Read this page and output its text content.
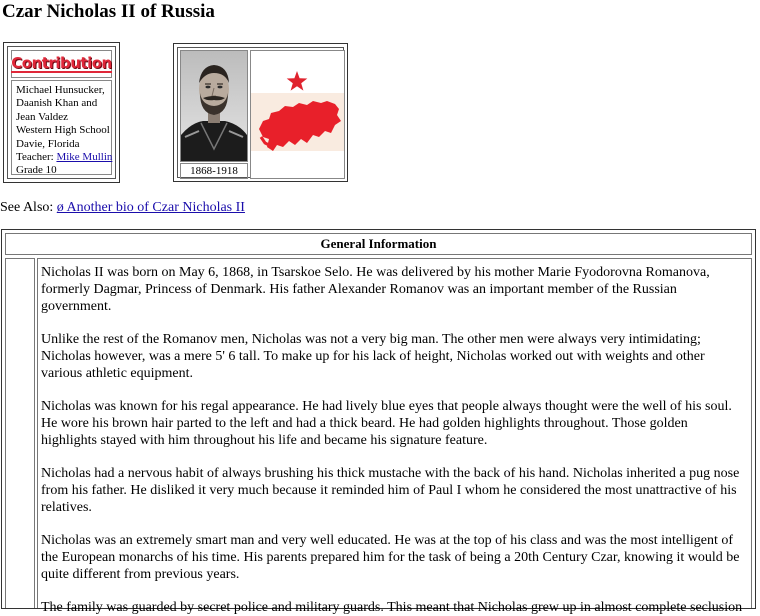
Czar Nicholas II of Russia
Contribution
Michael Hunsucker,
Daanish Khan and
Jean Valdez
Western High School
Davie, Florida
Teacher: Mike Mullin
Grade 10	1868-1918
See Also: ø Another bio of Czar Nicholas II
General Information

Nicholas II was born on May 6, 1868, in Tsarskoe Selo. He was delivered by his mother Marie Fyodorovna Romanova, formerly Dagmar, Princess of Denmark. His father Alexander Romanov was an important member of the Russian government.

Unlike the rest of the Romanov men, Nicholas was not a very big man. The other men were always very intimidating; Nicholas however, was a mere 5' 6 tall. To make up for his lack of height, Nicholas worked out with weights and other various athletic equipment.

Nicholas was known for his regal appearance. He had lively blue eyes that people always thought were the well of his soul. He wore his brown hair parted to the left and had a thick beard. He had golden highlights throughout. Those golden highlights stayed with him throughout his life and became his signature feature.

Nicholas had a nervous habit of always brushing his thick mustache with the back of his hand. Nicholas inherited a pug nose from his father. He disliked it very much because it reminded him of Paul I whom he considered the most unattractive of his relatives.

Nicholas was an extremely smart man and very well educated. He was at the top of his class and was the most intelligent of the European monarchs of his time. His parents prepared him for the task of being a 20th Century Czar, knowing it would be quite different from previous years.

The family was guarded by secret police and military guards. This meant that Nicholas grew up in almost complete seclusion
